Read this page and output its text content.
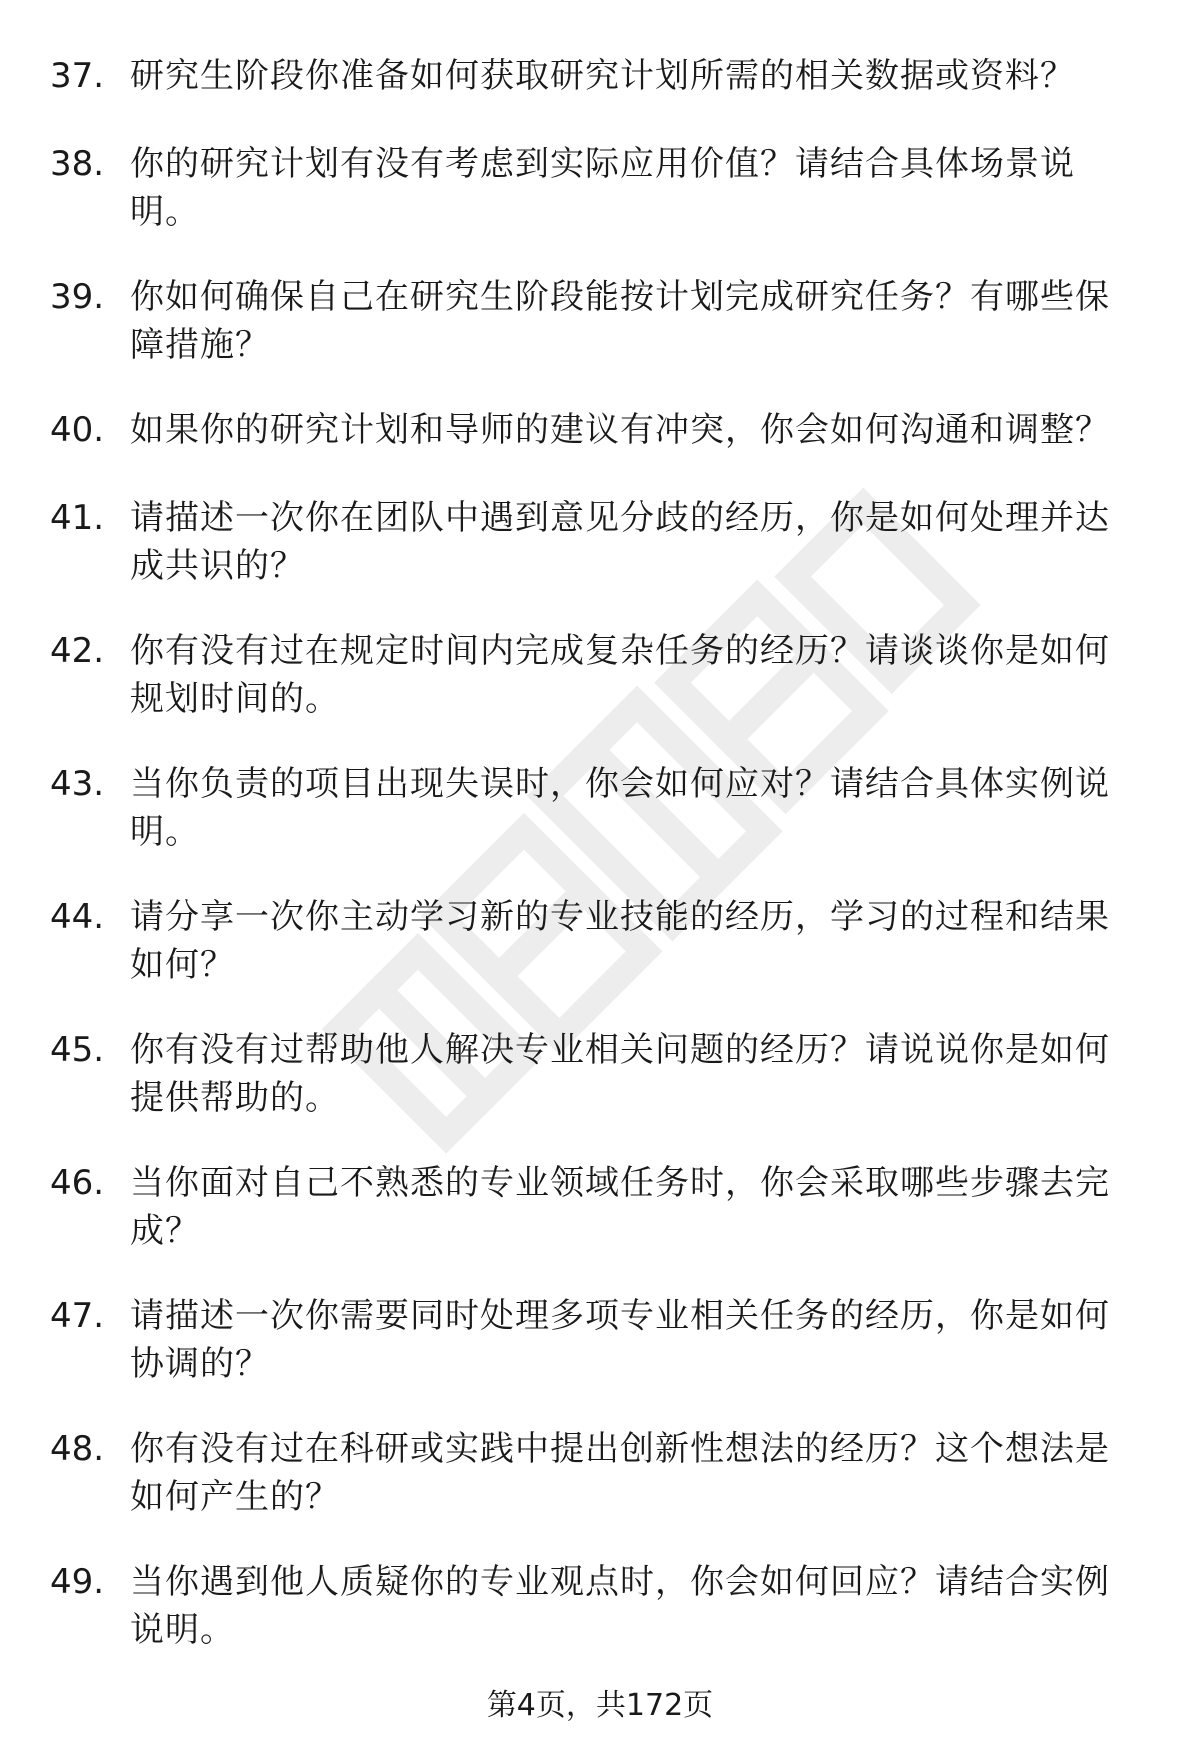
37. 研究生阶段你准备如何获取研究计划所需的相关数据或资料？
38. 你的研究计划有没有考虑到实际应用价值？请结合具体场景说
明。
39. 你如何确保自己在研究生阶段能按计划完成研究任务？有哪些保
障措施？
40. 如果你的研究计划和导师的建议有冲突，你会如何沟通和调整？
41. 请描述一次你在团队中遇到意见分歧的经历，你是如何处理并达
成共识的？
42. 你有没有过在规定时间内完成复杂任务的经历？请谈谈你是如何
规划时间的。
43. 当你负责的项目出现失误时，你会如何应对？请结合具体实例说
明。
44. 请分享一次你主动学习新的专业技能的经历，学习的过程和结果
如何？
45. 你有没有过帮助他人解决专业相关问题的经历？请说说你是如何
提供帮助的。
46. 当你面对自己不熟悉的专业领域任务时，你会采取哪些步骤去完
成？
47. 请描述一次你需要同时处理多项专业相关任务的经历，你是如何
协调的？
48. 你有没有过在科研或实践中提出创新性想法的经历？这个想法是
如何产生的？
49. 当你遇到他人质疑你的专业观点时，你会如何回应？请结合实例
说明。
第4页，共172页
